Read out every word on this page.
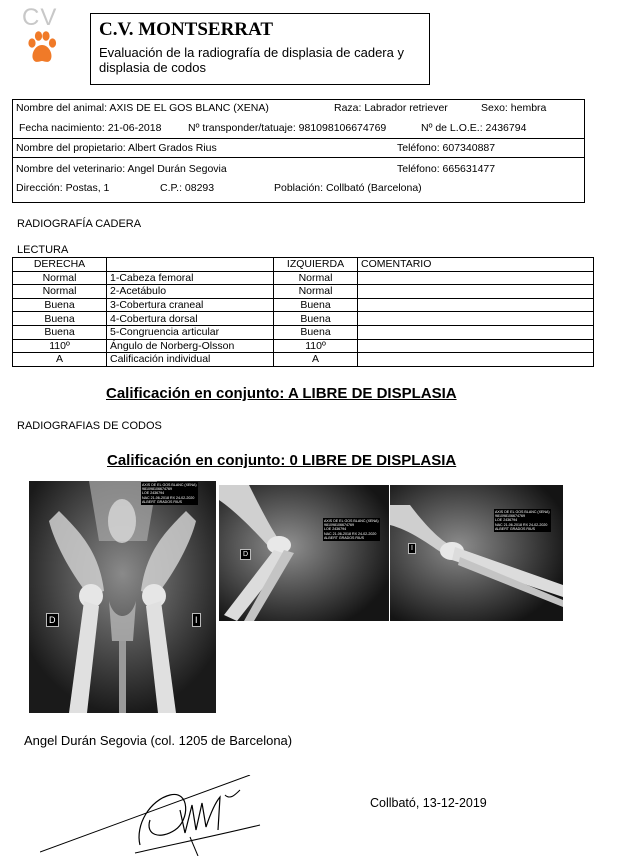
CV C.V. MONTSERRAT
Evaluación de la radiografía de displasia de cadera y displasia de codos
Nombre del animal: AXIS DE EL GOS BLANC (XENA)	Raza: Labrador retriever	Sexo: hembra
Fecha nacimiento: 21-06-2018	Nº transponder/tatuaje: 981098106674769	Nº de L.O.E.: 2436794
Nombre del propietario: Albert Grados Rius	Teléfono: 607340887
Nombre del veterinario: Angel Durán Segovia	Teléfono: 665631477
Dirección: Postas, 1	C.P.: 08293	Población: Collbató (Barcelona)
RADIOGRAFÍA CADERA
LECTURA
DERECHA		IZQUIERDA	COMENTARIO
Normal	1-Cabeza femoral	Normal	
Normal	2-Acetábulo	Normal	
Buena	3-Cobertura craneal	Buena	
Buena	4-Cobertura dorsal	Buena	
Buena	5-Congruencia articular	Buena	
110º	Ángulo de Norberg-Olsson	110º	
A	Calificación individual	A	
Calificación en conjunto: A LIBRE DE DISPLASIA
RADIOGRAFIAS DE CODOS
Calificación en conjunto: 0 LIBRE DE DISPLASIA
AXIS DE EL GOS BLANC (XENA)
981098106674769
LOE 2436794
NAC 21-06-2018 RX 24-02-2020
ALBERT GRADOS RIUS
D	I
AXIS DE EL GOS BLANC (XENA)
981098106674769
LOE 2436794
NAC 21-06-2018 RX 24-02-2020
ALBERT GRADOS RIUS
D
AXIS DE EL GOS BLANC (XENA)
981098106674769
LOE 2436794
NAC 21-06-2018 RX 24-02-2020
ALBERT GRADOS RIUS
I
Angel Durán Segovia (col. 1205 de Barcelona)
Collbató, 13-12-2019
